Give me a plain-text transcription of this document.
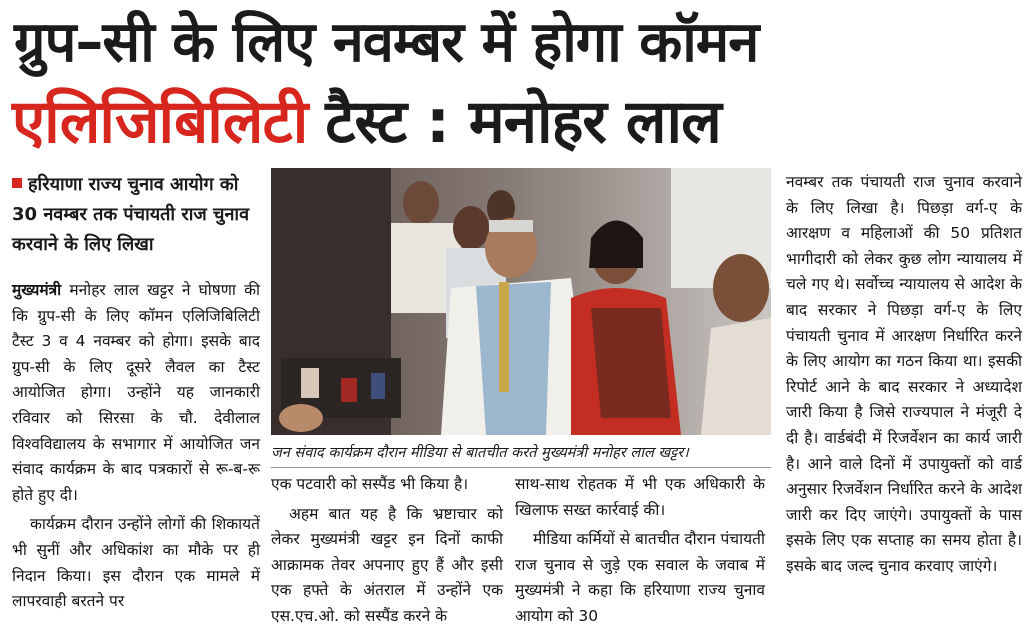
ग्रुप–सी के लिए नवम्बर में होगा कॉमन
एलिजिबिलिटी टैस्ट : मनोहर लाल
हरियाणा राज्य चुनाव आयोग को 30 नवम्बर तक पंचायती राज चुनाव करवाने के लिए लिखा

मुख्यमंत्री मनोहर लाल खट्टर ने घोषणा की कि ग्रुप-सी के लिए कॉमन एलिजिबिलिटी टैस्ट 3 व 4 नवम्बर को होगा। इसके बाद ग्रुप-सी के लिए दूसरे लैवल का टैस्ट आयोजित होगा। उन्होंने यह जानकारी रविवार को सिरसा के चौ. देवीलाल विश्वविद्यालय के सभागार में आयोजित जन संवाद कार्यक्रम के बाद पत्रकारों से रू-ब-रू होते हुए दी।

कार्यक्रम दौरान उन्होंने लोगों की शिकायतें भी सुनीं और अधिकांश का मौके पर ही निदान किया। इस दौरान एक मामले में लापरवाही बरतने पर

जन संवाद कार्यक्रम दौरान मीडिया से बातचीत करते मुख्यमंत्री मनोहर लाल खट्टर।

एक पटवारी को सस्पैंड भी किया है।

अहम बात यह है कि भ्रष्टाचार को लेकर मुख्यमंत्री खट्टर इन दिनों काफी आक्रामक तेवर अपनाए हुए हैं और इसी एक हफ्ते के अंतराल में उन्होंने एक एस.एच.ओ. को सस्पैंड करने के

साथ-साथ रोहतक में भी एक अधिकारी के खिलाफ सख्त कार्रवाई की।

मीडिया कर्मियों से बातचीत दौरान पंचायती राज चुनाव से जुड़े एक सवाल के जवाब में मुख्यमंत्री ने कहा कि हरियाणा राज्य चुनाव आयोग को 30

नवम्बर तक पंचायती राज चुनाव करवाने के लिए लिखा है। पिछड़ा वर्ग-ए के आरक्षण व महिलाओं की 50 प्रतिशत भागीदारी को लेकर कुछ लोग न्यायालय में चले गए थे। सर्वोच्च न्यायालय से आदेश के बाद सरकार ने पिछड़ा वर्ग-ए के लिए पंचायती चुनाव में आरक्षण निर्धारित करने के लिए आयोग का गठन किया था। इसकी रिपोर्ट आने के बाद सरकार ने अध्यादेश जारी किया है जिसे राज्यपाल ने मंजूरी दे दी है। वार्डबंदी में रिजर्वेशन का कार्य जारी है। आने वाले दिनों में उपायुक्तों को वार्ड अनुसार रिजर्वेशन निर्धारित करने के आदेश जारी कर दिए जाएंगे। उपायुक्तों के पास इसके लिए एक सप्ताह का समय होता है। इसके बाद जल्द चुनाव करवाए जाएंगे।
